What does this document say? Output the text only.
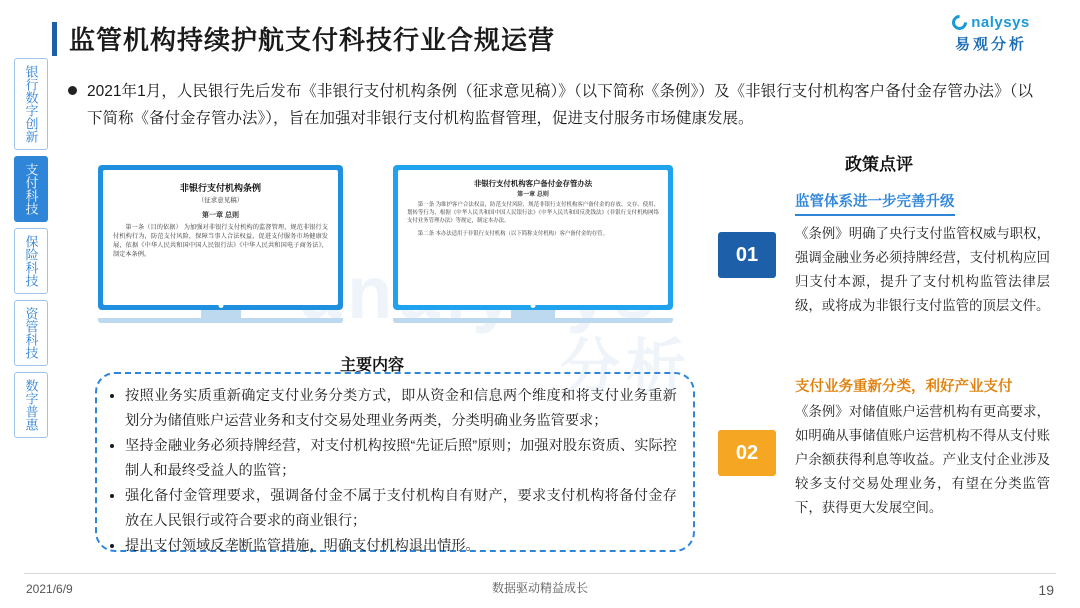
分析
监管机构持续护航支付科技行业合规运营
nalysys
易观分析
银行数字创新
支付科技
保险科技
资管科技
数字普惠
2021年1月，人民银行先后发布《非银行支付机构条例（征求意见稿）》（以下简称《条例》）及《非银行支付机构客户备付金存管办法》（以下简称《备付金存管办法》），旨在加强对非银行支付机构监督管理，促进支付服务市场健康发展。
非银行支付机构条例
（征求意见稿）
第一章 总则
第一条（目的依据） 为加强对非银行支付机构的监督管理，规范非银行支付机构行为，防范支付风险，保障当事人合法权益，促进支付服务市场健康发展，依据《中华人民共和国中国人民银行法》《中华人民共和国电子商务法》，制定本条例。
非银行支付机构客户备付金存管办法
第一章 总则
第一条 为维护客户合法权益，防范支付风险，规范非银行支付机构客户备付金的存放、交存、使用、划转等行为，根据《中华人民共和国中国人民银行法》《中华人民共和国反洗钱法》《非银行支付机构网络支付业务管理办法》等规定，制定本办法。
第二条 本办法适用于非银行支付机构（以下简称支付机构）客户备付金的存管。
主要内容
• 按照业务实质重新确定支付业务分类方式，即从资金和信息两个维度和将支付业务重新划分为储值账户运营业务和支付交易处理业务两类，分类明确业务监管要求；
• 坚持金融业务必须持牌经营，对支付机构按照“先证后照”原则；加强对股东资质、实际控制人和最终受益人的监管；
• 强化备付金管理要求，强调备付金不属于支付机构自有财产，要求支付机构将备付金存放在人民银行或符合要求的商业银行；
• 提出支付领域反垄断监管措施，明确支付机构退出情形。
政策点评
01
02
监管体系进一步完善升级
《条例》明确了央行支付监管权威与职权，强调金融业务必须持牌经营，支付机构应回归支付本源，提升了支付机构监管法律层级，或将成为非银行支付监管的顶层文件。
支付业务重新分类，利好产业支付
《条例》对储值账户运营机构有更高要求，如明确从事储值账户运营机构不得从支付账户余额获得利息等收益。产业支付企业涉及较多支付交易处理业务，有望在分类监管下，获得更大发展空间。
2021/6/9	数据驱动精益成长	19
